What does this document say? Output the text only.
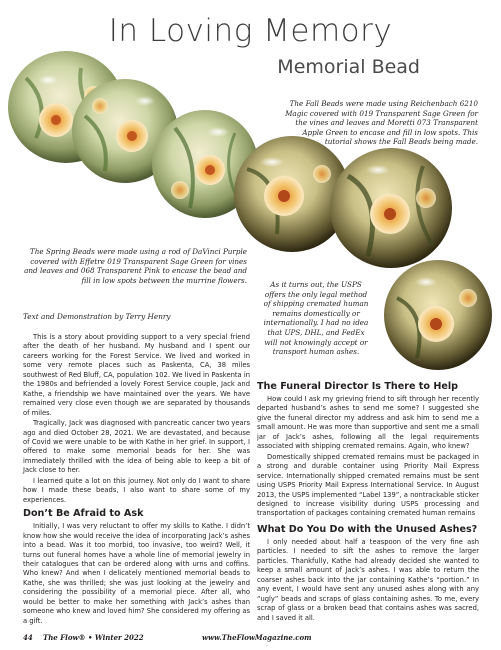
In Loving Memory
Memorial Bead
The Fall Beads were made using Reichenbach 6210 Magic covered with 019 Transparent Sage Green for the vines and leaves and Moretti 073 Transparent Apple Green to encase and fill in low spots. This tutorial shows the Fall Beads being made.
The Spring Beads were made using a rod of DaVinci Purple covered with Effetre 019 Transparent Sage Green for vines and leaves and 068 Transparent Pink to encase the bead and fill in low spots between the murrine flowers.	As it turns out, the USPS offers the only legal method of shipping cremated human remains domestically or internationally. I had no idea that UPS, DHL, and FedEx will not knowingly accept or transport human ashes.
Text and Demonstration by Terry Henry

This is a story about providing support to a very special friend after the death of her husband. My husband and I spent our careers working for the Forest Service. We lived and worked in some very remote places such as Paskenta, CA, 38 miles southwest of Red Bluff, CA, population 102. We lived in Paskenta in the 1980s and befriended a lovely Forest Service couple, Jack and Kathe, a friendship we have maintained over the years. We have remained very close even though we are separated by thousands of miles.

Tragically, Jack was diagnosed with pancreatic cancer two years ago and died October 28, 2021. We are devastated, and because of Covid we were unable to be with Kathe in her grief. In support, I offered to make some memorial beads for her. She was immediately thrilled with the idea of being able to keep a bit of Jack close to her.

I learned quite a lot on this journey. Not only do I want to share how I made these beads, I also want to share some of my experiences.

Don’t Be Afraid to Ask

Initially, I was very reluctant to offer my skills to Kathe. I didn’t know how she would receive the idea of incorporating Jack’s ashes into a bead. Was it too morbid, too invasive, too weird? Well, it turns out funeral homes have a whole line of memorial jewelry in their catalogues that can be ordered along with urns and coffins. Who knew? And when I delicately mentioned memorial beads to Kathe, she was thrilled; she was just looking at the jewelry and considering the possibility of a memorial piece. After all, who would be better to make her something with Jack’s ashes than someone who knew and loved him? She considered my offering as a gift.

The Funeral Director Is There to Help

How could I ask my grieving friend to sift through her recently departed husband’s ashes to send me some? I suggested she give the funeral director my address and ask him to send me a small amount. He was more than supportive and sent me a small jar of Jack’s ashes, following all the legal requirements associated with shipping cremated remains. Again, who knew?

Domestically shipped cremated remains must be packaged in a strong and durable container using Priority Mail Express service. Internationally shipped cremated remains must be sent using USPS Priority Mail Express International Service. In August 2013, the USPS implemented “Label 139”, a nontrackable sticker designed to increase visibility during USPS processing and transportation of packages containing cremated human remains

What Do You Do with the Unused Ashes?

I only needed about half a teaspoon of the very fine ash particles. I needed to sift the ashes to remove the larger particles. Thankfully, Kathe had already decided she wanted to keep a small amount of Jack’s ashes. I was able to return the coarser ashes back into the jar containing Kathe’s “portion.” In any event, I would have sent any unused ashes along with any “ugly” beads and scraps of glass containing ashes. To me, every scrap of glass or a broken bead that contains ashes was sacred, and I saved it all.

44 The Flow® • Winter 2022	www.TheFlowMagazine.com
